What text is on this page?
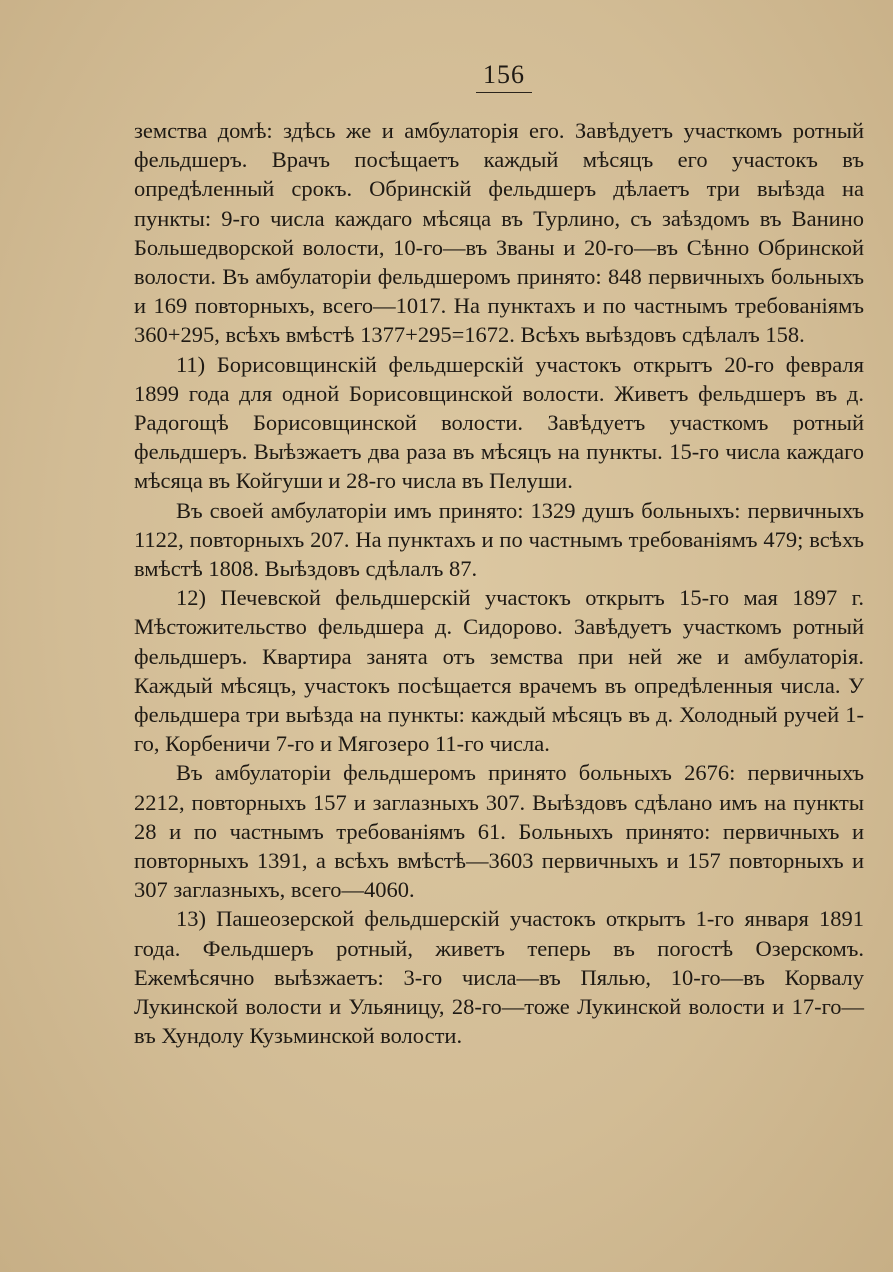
156

земства домѣ: здѣсь же и амбулаторія его. Завѣдуетъ участкомъ ротный фельдшеръ. Врачъ посѣщаетъ каждый мѣсяцъ его участокъ въ опредѣленный срокъ. Обринскій фельдшеръ дѣлаетъ три выѣзда на пункты: 9-го числа каждаго мѣсяца въ Турлино, съ заѣздомъ въ Ванино Большедворской волости, 10-го—въ Званы и 20-го—въ Сѣнно Обринской волости. Въ амбулаторіи фельдшеромъ принято: 848 первичныхъ больныхъ и 169 повторныхъ, всего—1017. На пунктахъ и по частнымъ требованіямъ 360+295, всѣхъ вмѣстѣ 1377+295=1672. Всѣхъ выѣздовъ сдѣлалъ 158.

11) Борисовщинскій фельдшерскій участокъ открытъ 20-го февраля 1899 года для одной Борисовщинской волости. Живетъ фельдшеръ въ д. Радогощѣ Борисовщинской волости. Завѣдуетъ участкомъ ротный фельдшеръ. Выѣзжаетъ два раза въ мѣсяцъ на пункты. 15-го числа каждаго мѣсяца въ Койгуши и 28-го числа въ Пелуши.

Въ своей амбулаторіи имъ принято: 1329 душъ больныхъ: первичныхъ 1122, повторныхъ 207. На пунктахъ и по частнымъ требованіямъ 479; всѣхъ вмѣстѣ 1808. Выѣздовъ сдѣлалъ 87.

12) Печевской фельдшерскій участокъ открытъ 15-го мая 1897 г. Мѣстожительство фельдшера д. Сидорово. Завѣдуетъ участкомъ ротный фельдшеръ. Квартира занята отъ земства при ней же и амбулаторія. Каждый мѣсяцъ, участокъ посѣщается врачемъ въ опредѣленныя числа. У фельдшера три выѣзда на пункты: каждый мѣсяцъ въ д. Холодный ручей 1-го, Корбеничи 7-го и Мягозеро 11-го числа.

Въ амбулаторіи фельдшеромъ принято больныхъ 2676: первичныхъ 2212, повторныхъ 157 и заглазныхъ 307. Выѣздовъ сдѣлано имъ на пункты 28 и по частнымъ требованіямъ 61. Больныхъ принято: первичныхъ и повторныхъ 1391, а всѣхъ вмѣстѣ—3603 первичныхъ и 157 повторныхъ и 307 заглазныхъ, всего—4060.

13) Пашеозерской фельдшерскій участокъ открытъ 1-го января 1891 года. Фельдшеръ ротный, живетъ теперь въ погостѣ Озерскомъ. Ежемѣсячно выѣзжаетъ: 3-го числа—въ Пялью, 10-го—въ Корвалу Лукинской волости и Ульяницу, 28-го—тоже Лукинской волости и 17-го—въ Хундолу Кузьминской волости.
